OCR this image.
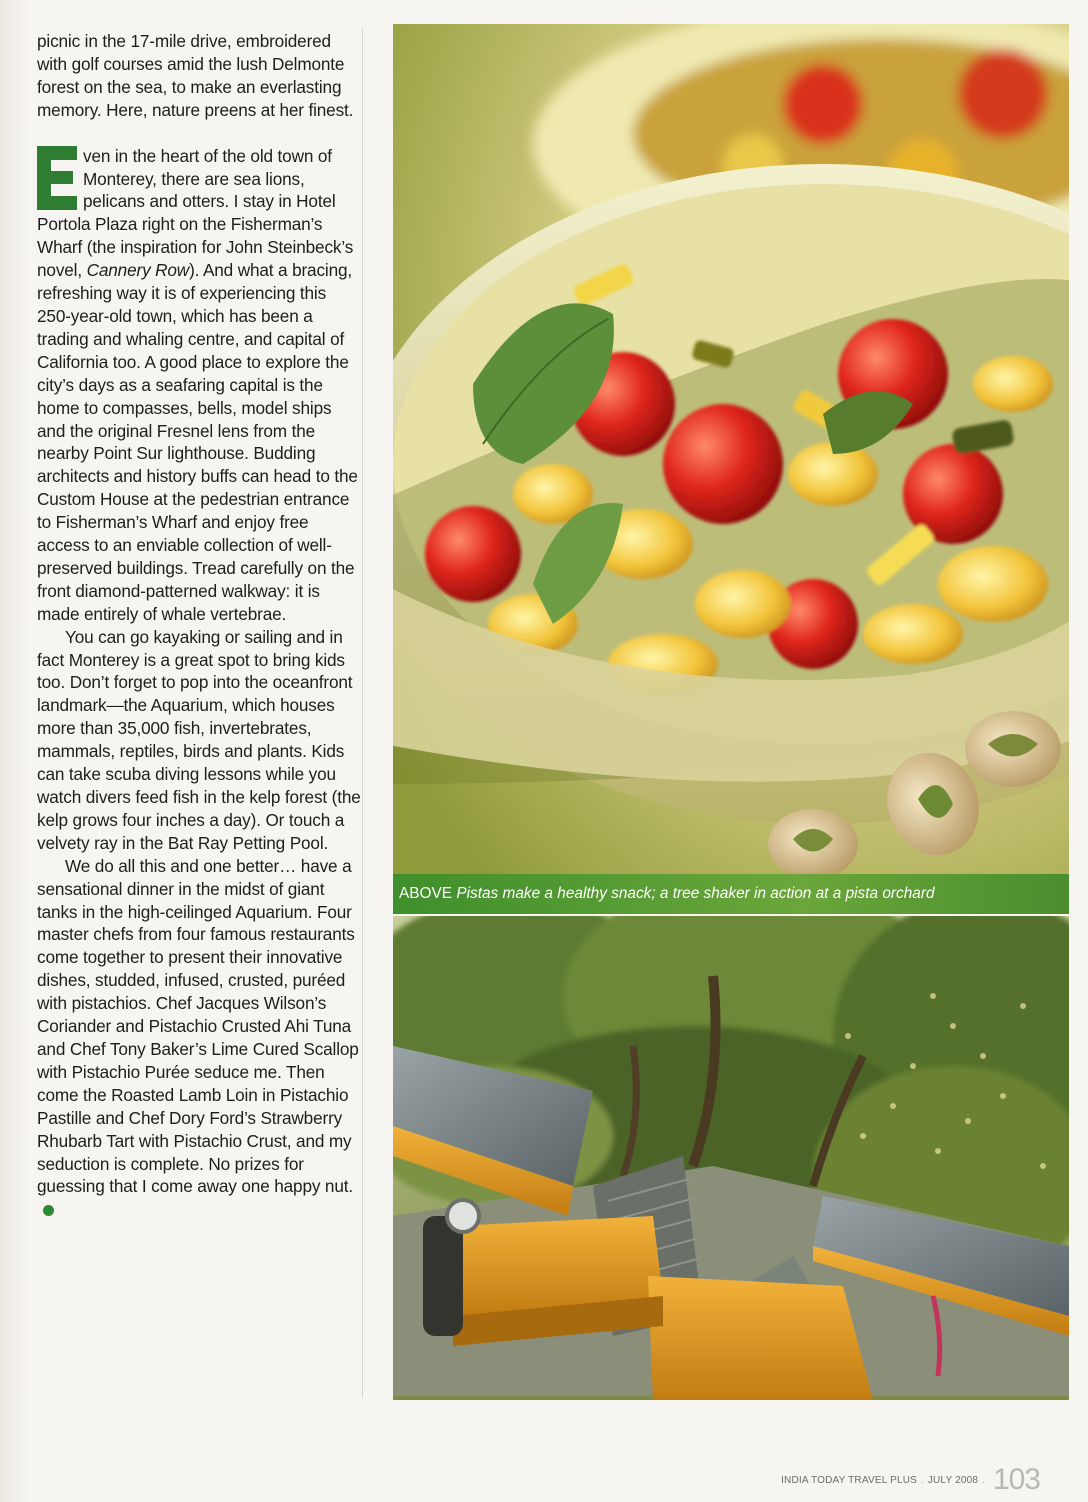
picnic in the 17-mile drive, embroidered with golf courses amid the lush Delmonte forest on the sea, to make an everlasting memory. Here, nature preens at her finest.

ven in the heart of the old town of Monterey, there are sea lions, pelicans and otters. I stay in Hotel Portola Plaza right on the Fisherman’s Wharf (the inspiration for John Steinbeck’s novel, Cannery Row). And what a bracing, refreshing way it is of experiencing this 250-year-old town, which has been a trading and whaling centre, and capital of California too. A good place to explore the city’s days as a seafaring capital is the home to compasses, bells, model ships and the original Fresnel lens from the nearby Point Sur lighthouse. Budding architects and history buffs can head to the Custom House at the pedestrian entrance to Fisherman’s Wharf and enjoy free access to an enviable collection of well-preserved buildings. Tread carefully on the front diamond-patterned walkway: it is made entirely of whale vertebrae.

You can go kayaking or sailing and in fact Monterey is a great spot to bring kids too. Don’t forget to pop into the oceanfront landmark—the Aquarium, which houses more than 35,000 fish, invertebrates, mammals, reptiles, birds and plants. Kids can take scuba diving lessons while you watch divers feed fish in the kelp forest (the kelp grows four inches a day). Or touch a velvety ray in the Bat Ray Petting Pool.

We do all this and one better… have a sensational dinner in the midst of giant tanks in the high-ceilinged Aquarium. Four master chefs from four famous restaurants come together to present their innovative dishes, studded, infused, crusted, puréed with pistachios. Chef Jacques Wilson’s Coriander and Pistachio Crusted Ahi Tuna and Chef Tony Baker’s Lime Cured Scallop with Pistachio Purée seduce me. Then come the Roasted Lamb Loin in Pistachio Pastille and Chef Dory Ford’s Strawberry Rhubarb Tart with Pistachio Crust, and my seduction is complete. No prizes for guessing that I come away one happy nut.

ABOVE Pistas make a healthy snack; a tree shaker in action at a pista orchard
INDIA TODAY TRAVEL PLUS . JULY 2008 . 103
